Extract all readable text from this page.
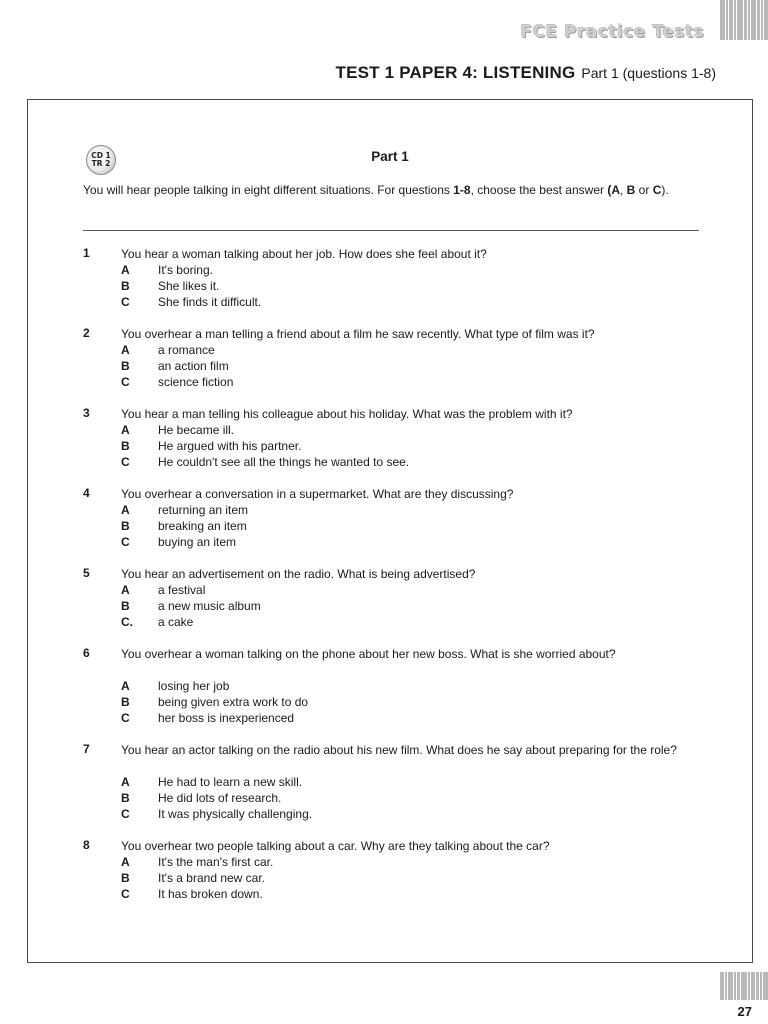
FCE Practice Tests
TEST 1 PAPER 4: LISTENING Part 1 (questions 1-8)
CD 1
TR 2	Part 1
You will hear people talking in eight different situations. For questions 1-8, choose the best answer (A, B or C).
1	You hear a woman talking about her job. How does she feel about it?
A It's boring.
B She likes it.
C She finds it difficult.
2	You overhear a man telling a friend about a film he saw recently. What type of film was it?
A a romance
B an action film
C science fiction
3	You hear a man telling his colleague about his holiday. What was the problem with it?
A He became ill.
B He argued with his partner.
C He couldn't see all the things he wanted to see.
4	You overhear a conversation in a supermarket. What are they discussing?
A returning an item
B breaking an item
C buying an item
5	You hear an advertisement on the radio. What is being advertised?
A a festival
B a new music album
C. a cake
6	You overhear a woman talking on the phone about her new boss. What is she worried about?
A losing her job
B being given extra work to do
C her boss is inexperienced
7	You hear an actor talking on the radio about his new film. What does he say about preparing for the role?
A He had to learn a new skill.
B He did lots of research.
C It was physically challenging.
8	You overhear two people talking about a car. Why are they talking about the car?
A It's the man's first car.
B It's a brand new car.
C It has broken down.
27
